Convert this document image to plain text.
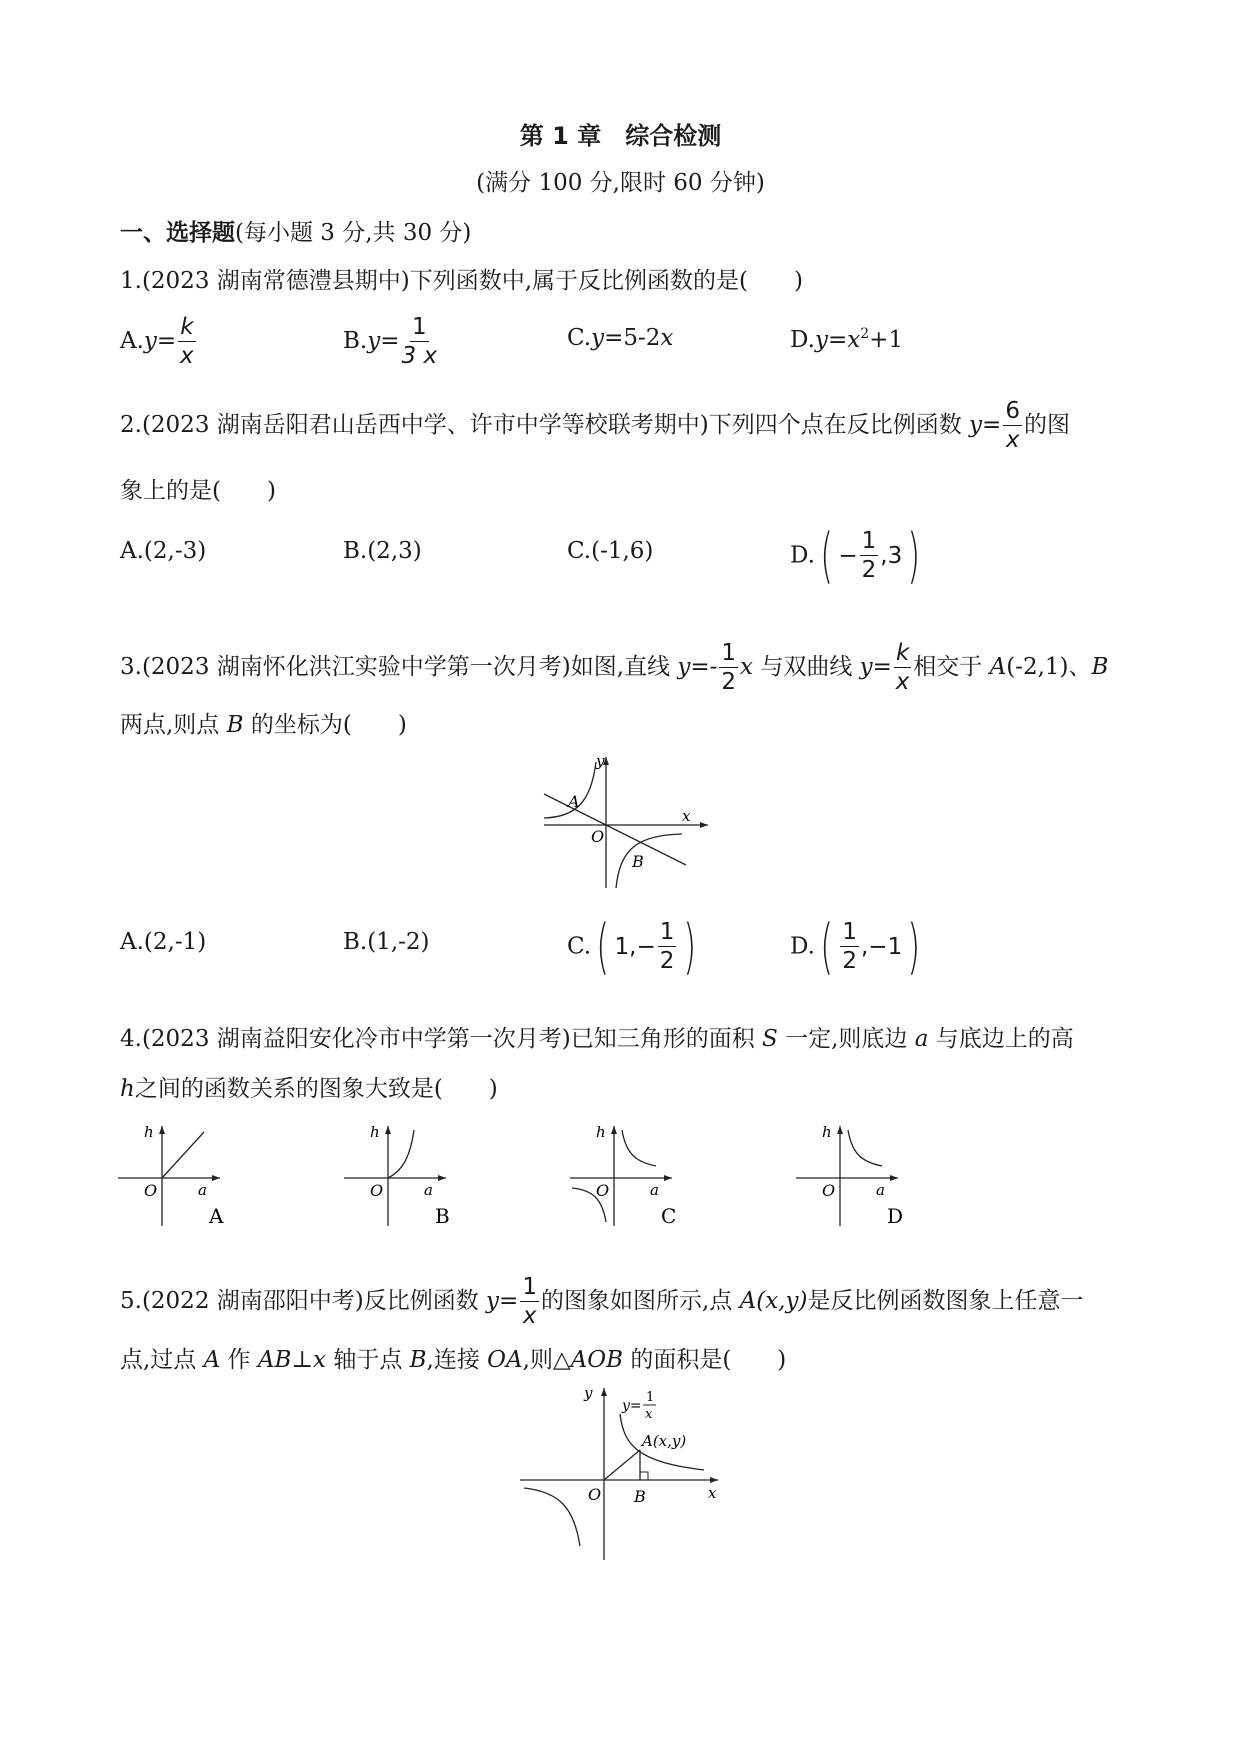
第 1 章　综合检测
(满分 100 分,限时 60 分钟)
一、选择题(每小题 3 分,共 30 分)
1.(2023 湖南常德澧县期中)下列函数中,属于反比例函数的是(　　)
$A.y= \frac{k}{x}$	$B.y= \frac{1}{3 x}$	C.y=5-2x	$D.y=x^2+1$
2.(2023 湖南岳阳君山岳西中学、许市中学等校联考期中)下列四个点在反比例函数 $y= \frac{6}{x}$ 的图
象上的是(　　)
A.(2,-3)	B.(2,3)	C.(-1,6)	D. ( − $\frac{1}{2} ,3$ )
3.(2023 湖南怀化洪江实验中学第一次月考)如图,直线 $y=- \frac{1}{2}$ x 与双曲线 $y= \frac{k}{x}$ 相交于 A(-2,1)、B
两点,则点 B 的坐标为(　　)
y
x
O
A
B
A.(2,-1)	B.(1,-2)	C. ( 1 , − $\frac{1}{2}$ )	D. ( $\frac{1}{2} ,-1$ )
4.(2023 湖南益阳安化冷市中学第一次月考)已知三角形的面积 S 一定,则底边 a 与底边上的高
h之间的函数关系的图象大致是(　　)
h
a
O
A
h
a
O
B
h
a
O
C
h
a
O
D
5.(2022 湖南邵阳中考)反比例函数 $y= \frac{1}{x}$ 的图象如图所示,点 A(x,y)是反比例函数图象上任意一
点,过点 A 作 AB⊥x 轴于点 B,连接 OA,则△AOB 的面积是(　　)
y
x
O B
A(x,y)
y=
1
x
